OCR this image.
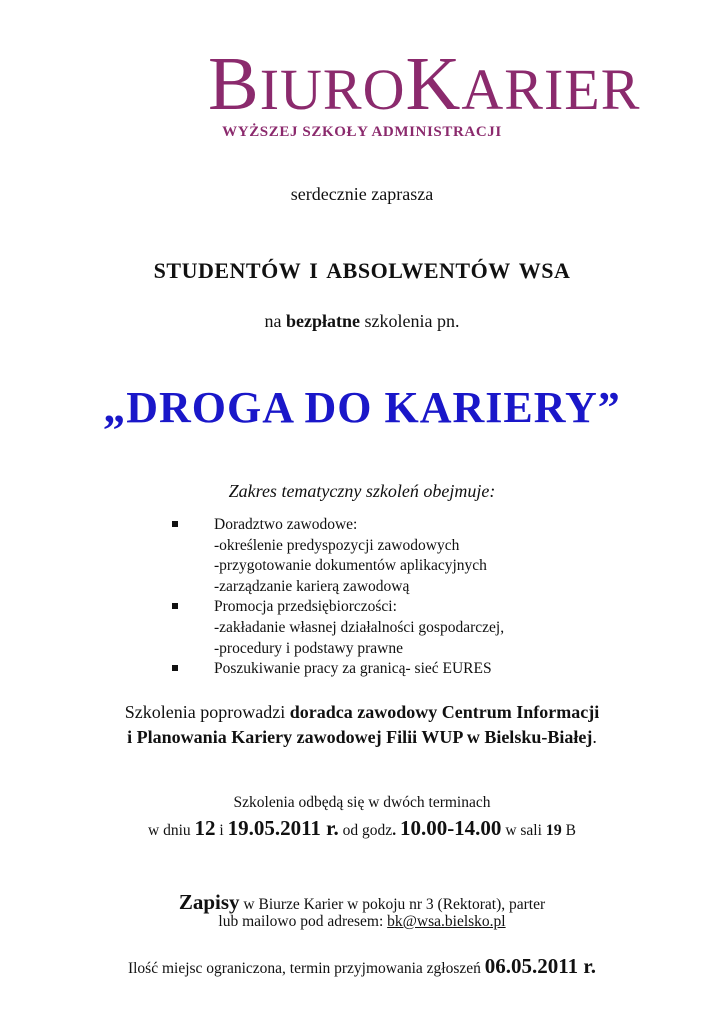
BIUROKARIER
WYŻSZEJ SZKOŁY ADMINISTRACJI
serdecznie zaprasza
STUDENTÓW I ABSOLWENTÓW WSA
na bezpłatne szkolenia pn.
„DROGA DO KARIERY”
Zakres tematyczny szkoleń obejmuje:
Doradztwo zawodowe:
-określenie predyspozycji zawodowych
-przygotowanie dokumentów aplikacyjnych
-zarządzanie karierą zawodową
Promocja przedsiębiorczości:
-zakładanie własnej działalności gospodarczej,
-procedury i podstawy prawne
Poszukiwanie pracy za granicą- sieć EURES
Szkolenia poprowadzi doradca zawodowy Centrum Informacji
i Planowania Kariery zawodowej Filii WUP w Bielsku-Białej.
Szkolenia odbędą się w dwóch terminach
w dniu 12 i 19.05.2011 r. od godz. 10.00-14.00 w sali 19 B
Zapisy w Biurze Karier w pokoju nr 3 (Rektorat), parter
lub mailowo pod adresem: bk@wsa.bielsko.pl
Ilość miejsc ograniczona, termin przyjmowania zgłoszeń 06.05.2011 r.
